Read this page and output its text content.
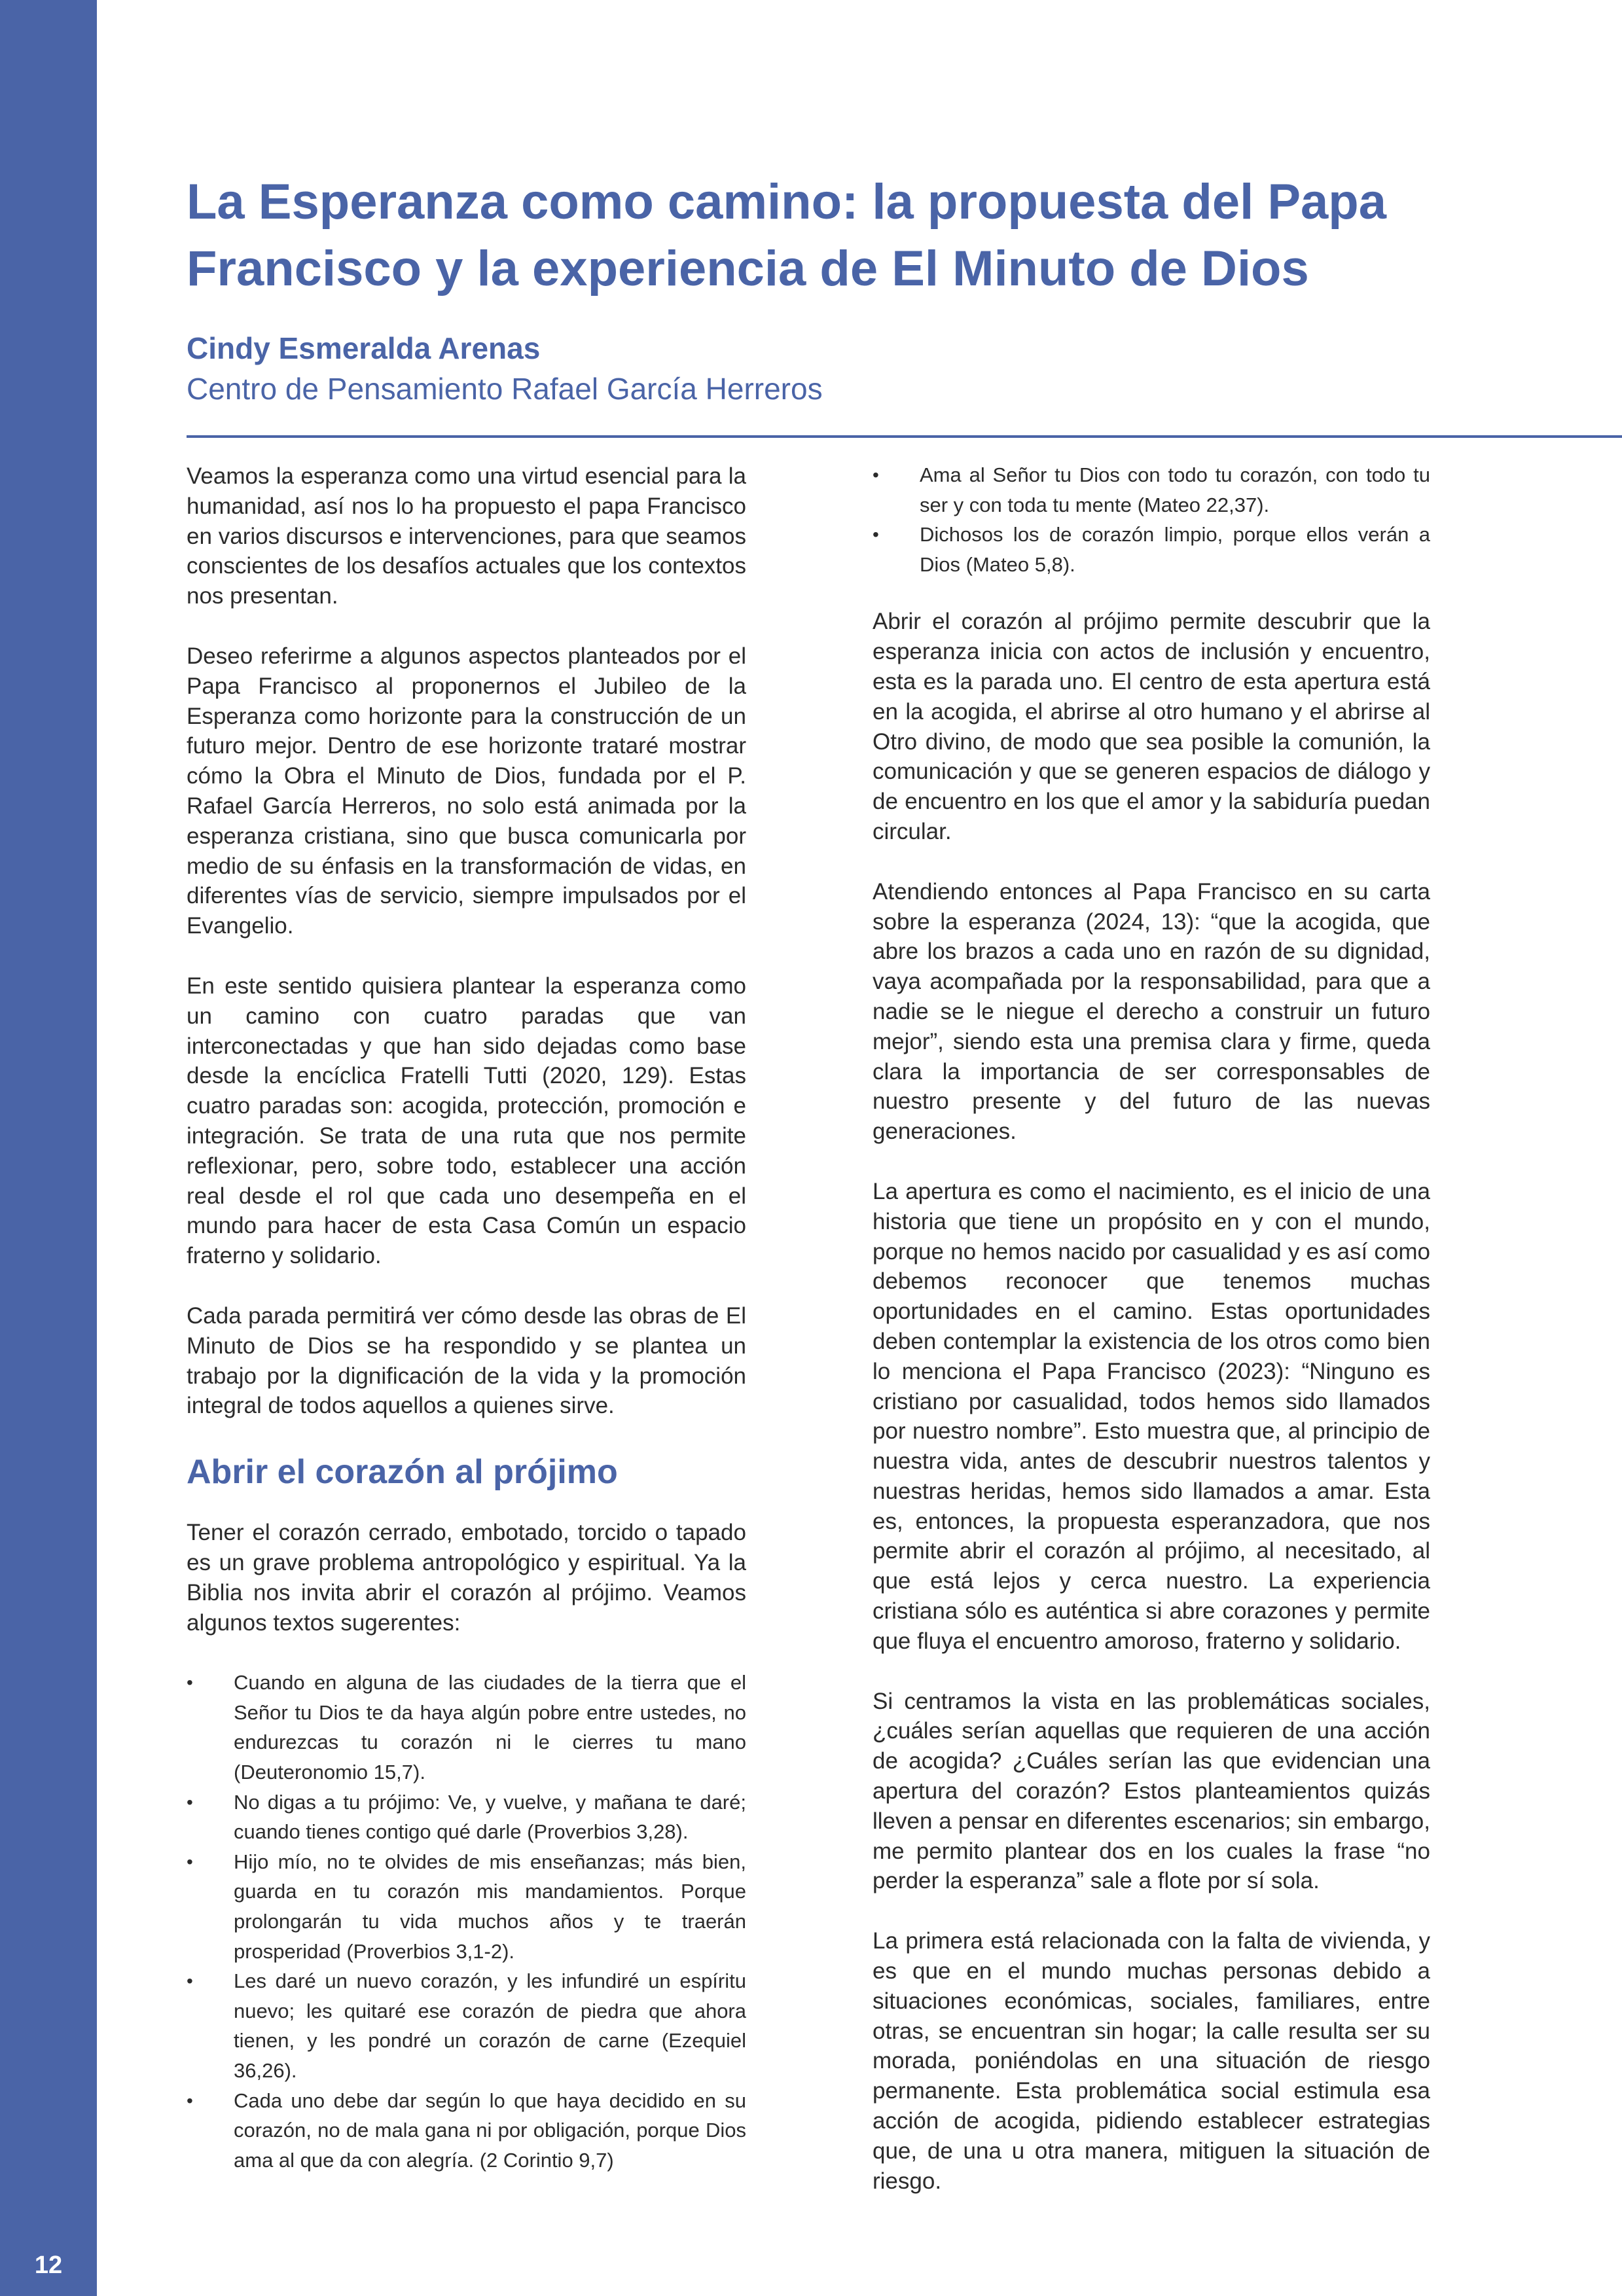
12
La Esperanza como camino: la propuesta del Papa Francisco y la experiencia de El Minuto de Dios
Cindy Esmeralda Arenas
Centro de Pensamiento Rafael García Herreros

Veamos la esperanza como una virtud esencial para la humanidad, así nos lo ha propuesto el papa Francisco en varios discursos e intervenciones, para que seamos conscientes de los desafíos actuales que los contextos nos presentan.

Deseo referirme a algunos aspectos planteados por el Papa Francisco al proponernos el Jubileo de la Esperanza como horizonte para la construcción de un futuro mejor. Dentro de ese horizonte trataré mostrar cómo la Obra el Minuto de Dios, fundada por el P. Rafael García Herreros, no solo está animada por la esperanza cristiana, sino que busca comunicarla por medio de su énfasis en la transformación de vidas, en diferentes vías de servicio, siempre impulsados por el Evangelio.

En este sentido quisiera plantear la esperanza como un camino con cuatro paradas que van interconectadas y que han sido dejadas como base desde la encíclica Fratelli Tutti (2020, 129). Estas cuatro paradas son: acogida, protección, promoción e integración. Se trata de una ruta que nos permite reflexionar, pero, sobre todo, establecer una acción real desde el rol que cada uno desempeña en el mundo para hacer de esta Casa Común un espacio fraterno y solidario.

Cada parada permitirá ver cómo desde las obras de El Minuto de Dios se ha respondido y se plantea un trabajo por la dignificación de la vida y la promoción integral de todos aquellos a quienes sirve.

Abrir el corazón al prójimo

Tener el corazón cerrado, embotado, torcido o tapado es un grave problema antropológico y espiritual. Ya la Biblia nos invita abrir el corazón al prójimo. Veamos algunos textos sugerentes:

• Cuando en alguna de las ciudades de la tierra que el Señor tu Dios te da haya algún pobre entre ustedes, no endurezcas tu corazón ni le cierres tu mano (Deuteronomio 15,7).
• No digas a tu prójimo: Ve, y vuelve, y mañana te daré; cuando tienes contigo qué darle (Proverbios 3,28).
• Hijo mío, no te olvides de mis enseñanzas; más bien, guarda en tu corazón mis mandamientos. Porque prolongarán tu vida muchos años y te traerán prosperidad (Proverbios 3,1-2).
• Les daré un nuevo corazón, y les infundiré un espíritu nuevo; les quitaré ese corazón de piedra que ahora tienen, y les pondré un corazón de carne (Ezequiel 36,26).
• Cada uno debe dar según lo que haya decidido en su corazón, no de mala gana ni por obligación, porque Dios ama al que da con alegría. (2 Corintio 9,7)
• Ama al Señor tu Dios con todo tu corazón, con todo tu ser y con toda tu mente (Mateo 22,37).
• Dichosos los de corazón limpio, porque ellos verán a Dios (Mateo 5,8).

Abrir el corazón al prójimo permite descubrir que la esperanza inicia con actos de inclusión y encuentro, esta es la parada uno. El centro de esta apertura está en la acogida, el abrirse al otro humano y el abrirse al Otro divino, de modo que sea posible la comunión, la comunicación y que se generen espacios de diálogo y de encuentro en los que el amor y la sabiduría puedan circular.

Atendiendo entonces al Papa Francisco en su carta sobre la esperanza (2024, 13): “que la acogida, que abre los brazos a cada uno en razón de su dignidad, vaya acompañada por la responsabilidad, para que a nadie se le niegue el derecho a construir un futuro mejor”, siendo esta una premisa clara y firme, queda clara la importancia de ser corresponsables de nuestro presente y del futuro de las nuevas generaciones.

La apertura es como el nacimiento, es el inicio de una historia que tiene un propósito en y con el mundo, porque no hemos nacido por casualidad y es así como debemos reconocer que tenemos muchas oportunidades en el camino. Estas oportunidades deben contemplar la existencia de los otros como bien lo menciona el Papa Francisco (2023): “Ninguno es cristiano por casualidad, todos hemos sido llamados por nuestro nombre”. Esto muestra que, al principio de nuestra vida, antes de descubrir nuestros talentos y nuestras heridas, hemos sido llamados a amar. Esta es, entonces, la propuesta esperanzadora, que nos permite abrir el corazón al prójimo, al necesitado, al que está lejos y cerca nuestro. La experiencia cristiana sólo es auténtica si abre corazones y permite que fluya el encuentro amoroso, fraterno y solidario.

Si centramos la vista en las problemáticas sociales, ¿cuáles serían aquellas que requieren de una acción de acogida? ¿Cuáles serían las que evidencian una apertura del corazón? Estos planteamientos quizás lleven a pensar en diferentes escenarios; sin embargo, me permito plantear dos en los cuales la frase “no perder la esperanza” sale a flote por sí sola.

La primera está relacionada con la falta de vivienda, y es que en el mundo muchas personas debido a situaciones económicas, sociales, familiares, entre otras, se encuentran sin hogar; la calle resulta ser su morada, poniéndolas en una situación de riesgo permanente. Esta problemática social estimula esa acción de acogida, pidiendo establecer estrategias que, de una u otra manera, mitiguen la situación de riesgo.
